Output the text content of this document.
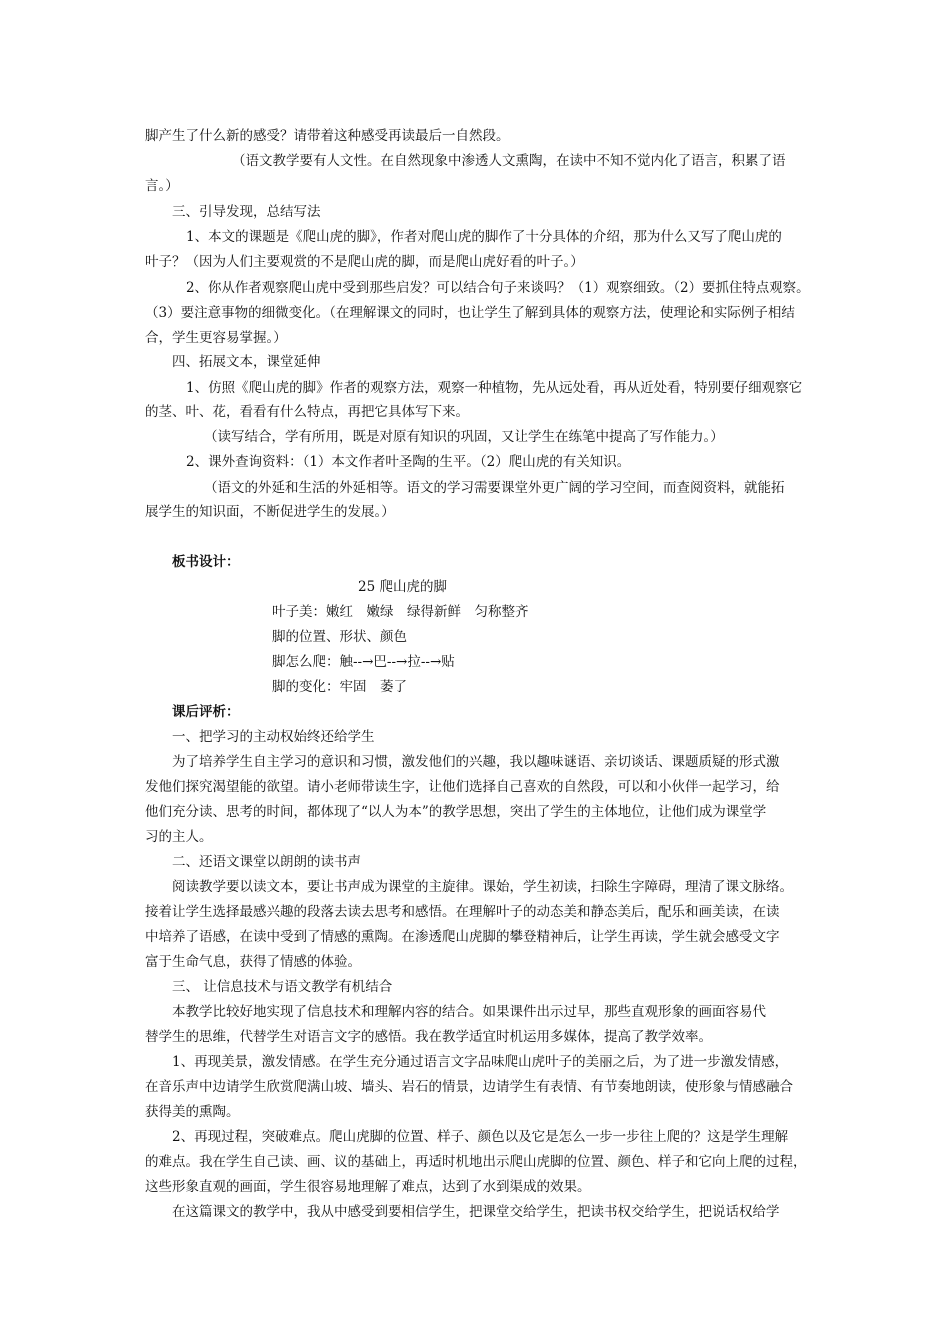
脚产生了什么新的感受？请带着这种感受再读最后一自然段。
（语文教学要有人文性。在自然现象中渗透人文熏陶，在读中不知不觉内化了语言，积累了语
言。）
三、引导发现，总结写法
1、本文的课题是《爬山虎的脚》，作者对爬山虎的脚作了十分具体的介绍，那为什么又写了爬山虎的
叶子？（因为人们主要观赏的不是爬山虎的脚，而是爬山虎好看的叶子。）
2、你从作者观察爬山虎中受到那些启发？可以结合句子来谈吗？（1）观察细致。（2）要抓住特点观察。
（3）要注意事物的细微变化。（在理解课文的同时，也让学生了解到具体的观察方法，使理论和实际例子相结
合，学生更容易掌握。）
四、拓展文本，课堂延伸
1、仿照《爬山虎的脚》作者的观察方法，观察一种植物，先从远处看，再从近处看，特别要仔细观察它
的茎、叶、花，看看有什么特点，再把它具体写下来。
（读写结合，学有所用，既是对原有知识的巩固，又让学生在练笔中提高了写作能力。）
2、课外查询资料：（1）本文作者叶圣陶的生平。（2）爬山虎的有关知识。
（语文的外延和生活的外延相等。语文的学习需要课堂外更广阔的学习空间，而查阅资料，就能拓
展学生的知识面，不断促进学生的发展。）
板书设计：
25 爬山虎的脚
叶子美：嫩红　嫩绿　绿得新鲜　匀称整齐
脚的位置、形状、颜色
脚怎么爬：触--→巴--→拉--→贴
脚的变化：牢固　萎了
课后评析：
一、把学习的主动权始终还给学生
为了培养学生自主学习的意识和习惯，激发他们的兴趣，我以趣味谜语、亲切谈话、课题质疑的形式激
发他们探究渴望能的欲望。请小老师带读生字，让他们选择自己喜欢的自然段，可以和小伙伴一起学习，给
他们充分读、思考的时间，都体现了“以人为本”的教学思想，突出了学生的主体地位，让他们成为课堂学
习的主人。
二、还语文课堂以朗朗的读书声
阅读教学要以读文本，要让书声成为课堂的主旋律。课始，学生初读，扫除生字障碍，理清了课文脉络。
接着让学生选择最感兴趣的段落去读去思考和感悟。在理解叶子的动态美和静态美后，配乐和画美读，在读
中培养了语感，在读中受到了情感的熏陶。在渗透爬山虎脚的攀登精神后，让学生再读，学生就会感受文字
富于生命气息，获得了情感的体验。
三、 让信息技术与语文教学有机结合
本教学比较好地实现了信息技术和理解内容的结合。如果课件出示过早，那些直观形象的画面容易代
替学生的思维，代替学生对语言文字的感悟。我在教学适宜时机运用多媒体，提高了教学效率。
1、再现美景，激发情感。在学生充分通过语言文字品味爬山虎叶子的美丽之后，为了进一步激发情感，
在音乐声中边请学生欣赏爬满山坡、墙头、岩石的情景，边请学生有表情、有节奏地朗读，使形象与情感融合
获得美的熏陶。
2、再现过程，突破难点。爬山虎脚的位置、样子、颜色以及它是怎么一步一步往上爬的？这是学生理解
的难点。我在学生自己读、画、议的基础上，再适时机地出示爬山虎脚的位置、颜色、样子和它向上爬的过程，
这些形象直观的画面，学生很容易地理解了难点，达到了水到渠成的效果。
在这篇课文的教学中，我从中感受到要相信学生，把课堂交给学生，把读书权交给学生，把说话权给学
